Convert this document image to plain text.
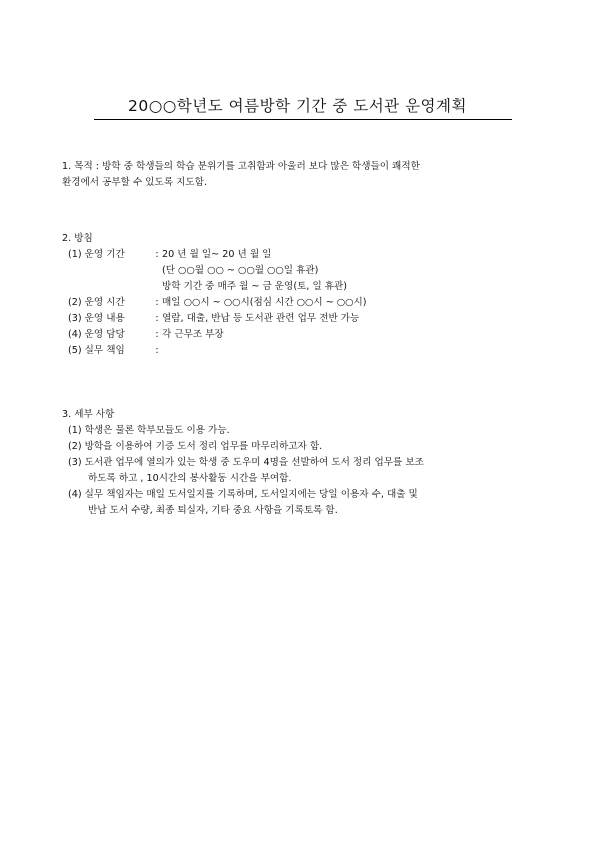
20○○학년도 여름방학 기간 중 도서관 운영계획

1. 목적 : 방학 중 학생들의 학습 분위기를 고취함과 아울러 보다 많은 학생들이 쾌적한

환경에서 공부할 수 있도록 지도함.

2. 방침

(1) 운영 기간	: 20 년 월 일~ 20 년 월 일
(단 ○○월 ○○ ~ ○○월 ○○일 휴관)
방학 기간 중 매주 월 ~ 금 운영(토, 일 휴관)
(2) 운영 시간	: 매일 ○○시 ~ ○○시(점심 시간 ○○시 ~ ○○시)
(3) 운영 내용	: 열람, 대출, 반납 등 도서관 관련 업무 전반 가능
(4) 운영 담당	: 각 근무조 부장
(5) 실무 책임	:

3. 세부 사항

(1) 학생은 물론 학부모들도 이용 가능.

(2) 방학을 이용하여 기증 도서 정리 업무를 마무리하고자 함.

(3) 도서관 업무에 열의가 있는 학생 중 도우미 4명을 선발하여 도서 정리 업무를 보조

하도록 하고 , 10시간의 봉사활동 시간을 부여함.

(4) 실무 책임자는 매일 도서일지를 기록하며, 도서일지에는 당일 이용자 수, 대출 및

반납 도서 수량, 최종 퇴실자, 기타 중요 사항을 기록토록 함.
